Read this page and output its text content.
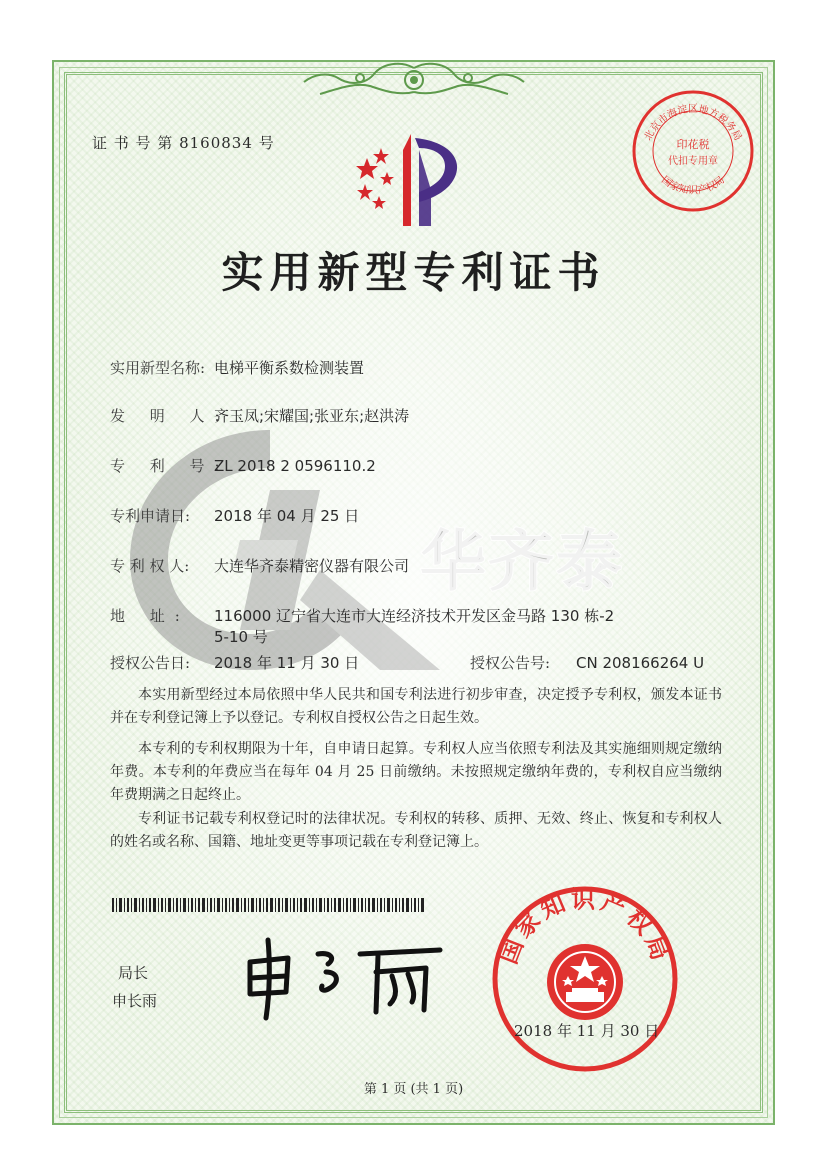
证 书 号 第 8160834 号	北京市海淀区地方税务局
印花税
代扣专用章
国家知识产权局
实用新型专利证书
华齐泰
实用新型名称: 电梯平衡系数检测装置
发 明 人:齐玉凤;宋耀国;张亚东;赵洪涛
专 利 号:ZL 2018 2 0596110.2
专利申请日: 2018 年 04 月 25 日
专 利 权 人: 大连华齐泰精密仪器有限公司
地 址: 116000 辽宁省大连市大连经济技术开发区金马路 130 栋-2
5-10 号
授权公告日: 2018 年 11 月 30 日	授权公告号: CN 208166264 U

本实用新型经过本局依照中华人民共和国专利法进行初步审查，决定授予专利权，颁发本证书并在专利登记簿上予以登记。专利权自授权公告之日起生效。

本专利的专利权期限为十年，自申请日起算。专利权人应当依照专利法及其实施细则规定缴纳年费。本专利的年费应当在每年 04 月 25 日前缴纳。未按照规定缴纳年费的，专利权自应当缴纳年费期满之日起终止。

专利证书记载专利权登记时的法律状况。专利权的转移、质押、无效、终止、恢复和专利权人的姓名或名称、国籍、地址变更等事项记载在专利登记簿上。

局长
申长雨
国家知识产权局
2018 年 11 月 30 日
第 1 页 (共 1 页)
